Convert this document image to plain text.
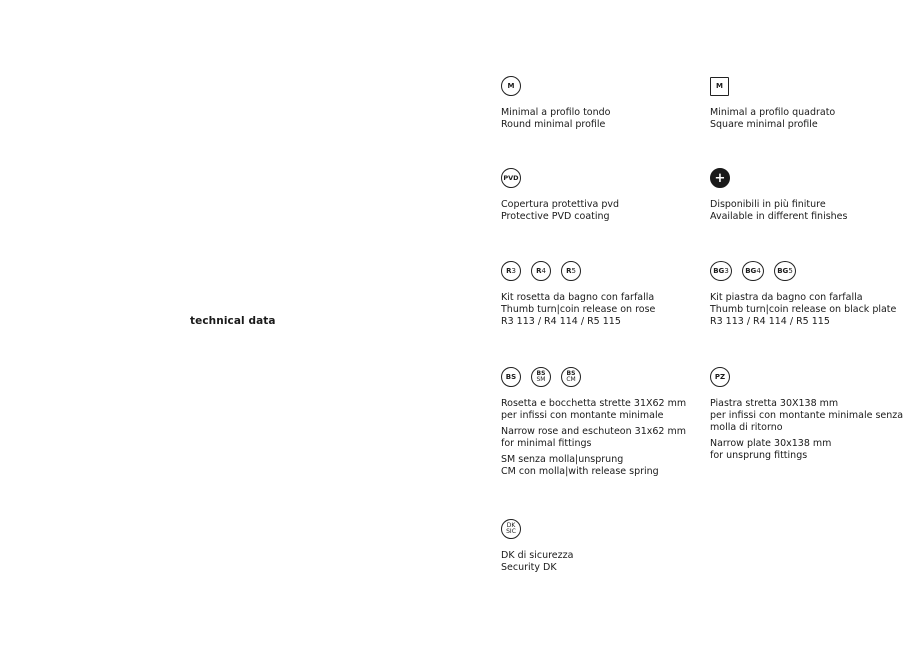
technical data
M
Minimal a profilo tondo
Round minimal profile
M
Minimal a profilo quadrato
Square minimal profile
PVD
Copertura protettiva pvd
Protective PVD coating
+
Disponibili in più finiture
Available in different finishes
R 3	R 4	R 5
Kit rosetta da bagno con farfalla
Thumb turn|coin release on rose
R3 113 / R4 114 / R5 115
BG 3 BG 4 BG 5
Kit piastra da bagno con farfalla
Thumb turn|coin release on black plate
R3 113 / R4 114 / R5 115
BS	BS
SM
BS
CM
Rosetta e bocchetta strette 31X62 mm
per infissi con montante minimale
Narrow rose and eschuteon 31x62 mm
for minimal fittings
SM senza molla|unsprung
CM con molla|with release spring
PZ
Piastra stretta 30X138 mm
per infissi con montante minimale senza
molla di ritorno
Narrow plate 30x138 mm
for unsprung fittings
DK
SIC
DK di sicurezza
Security DK
